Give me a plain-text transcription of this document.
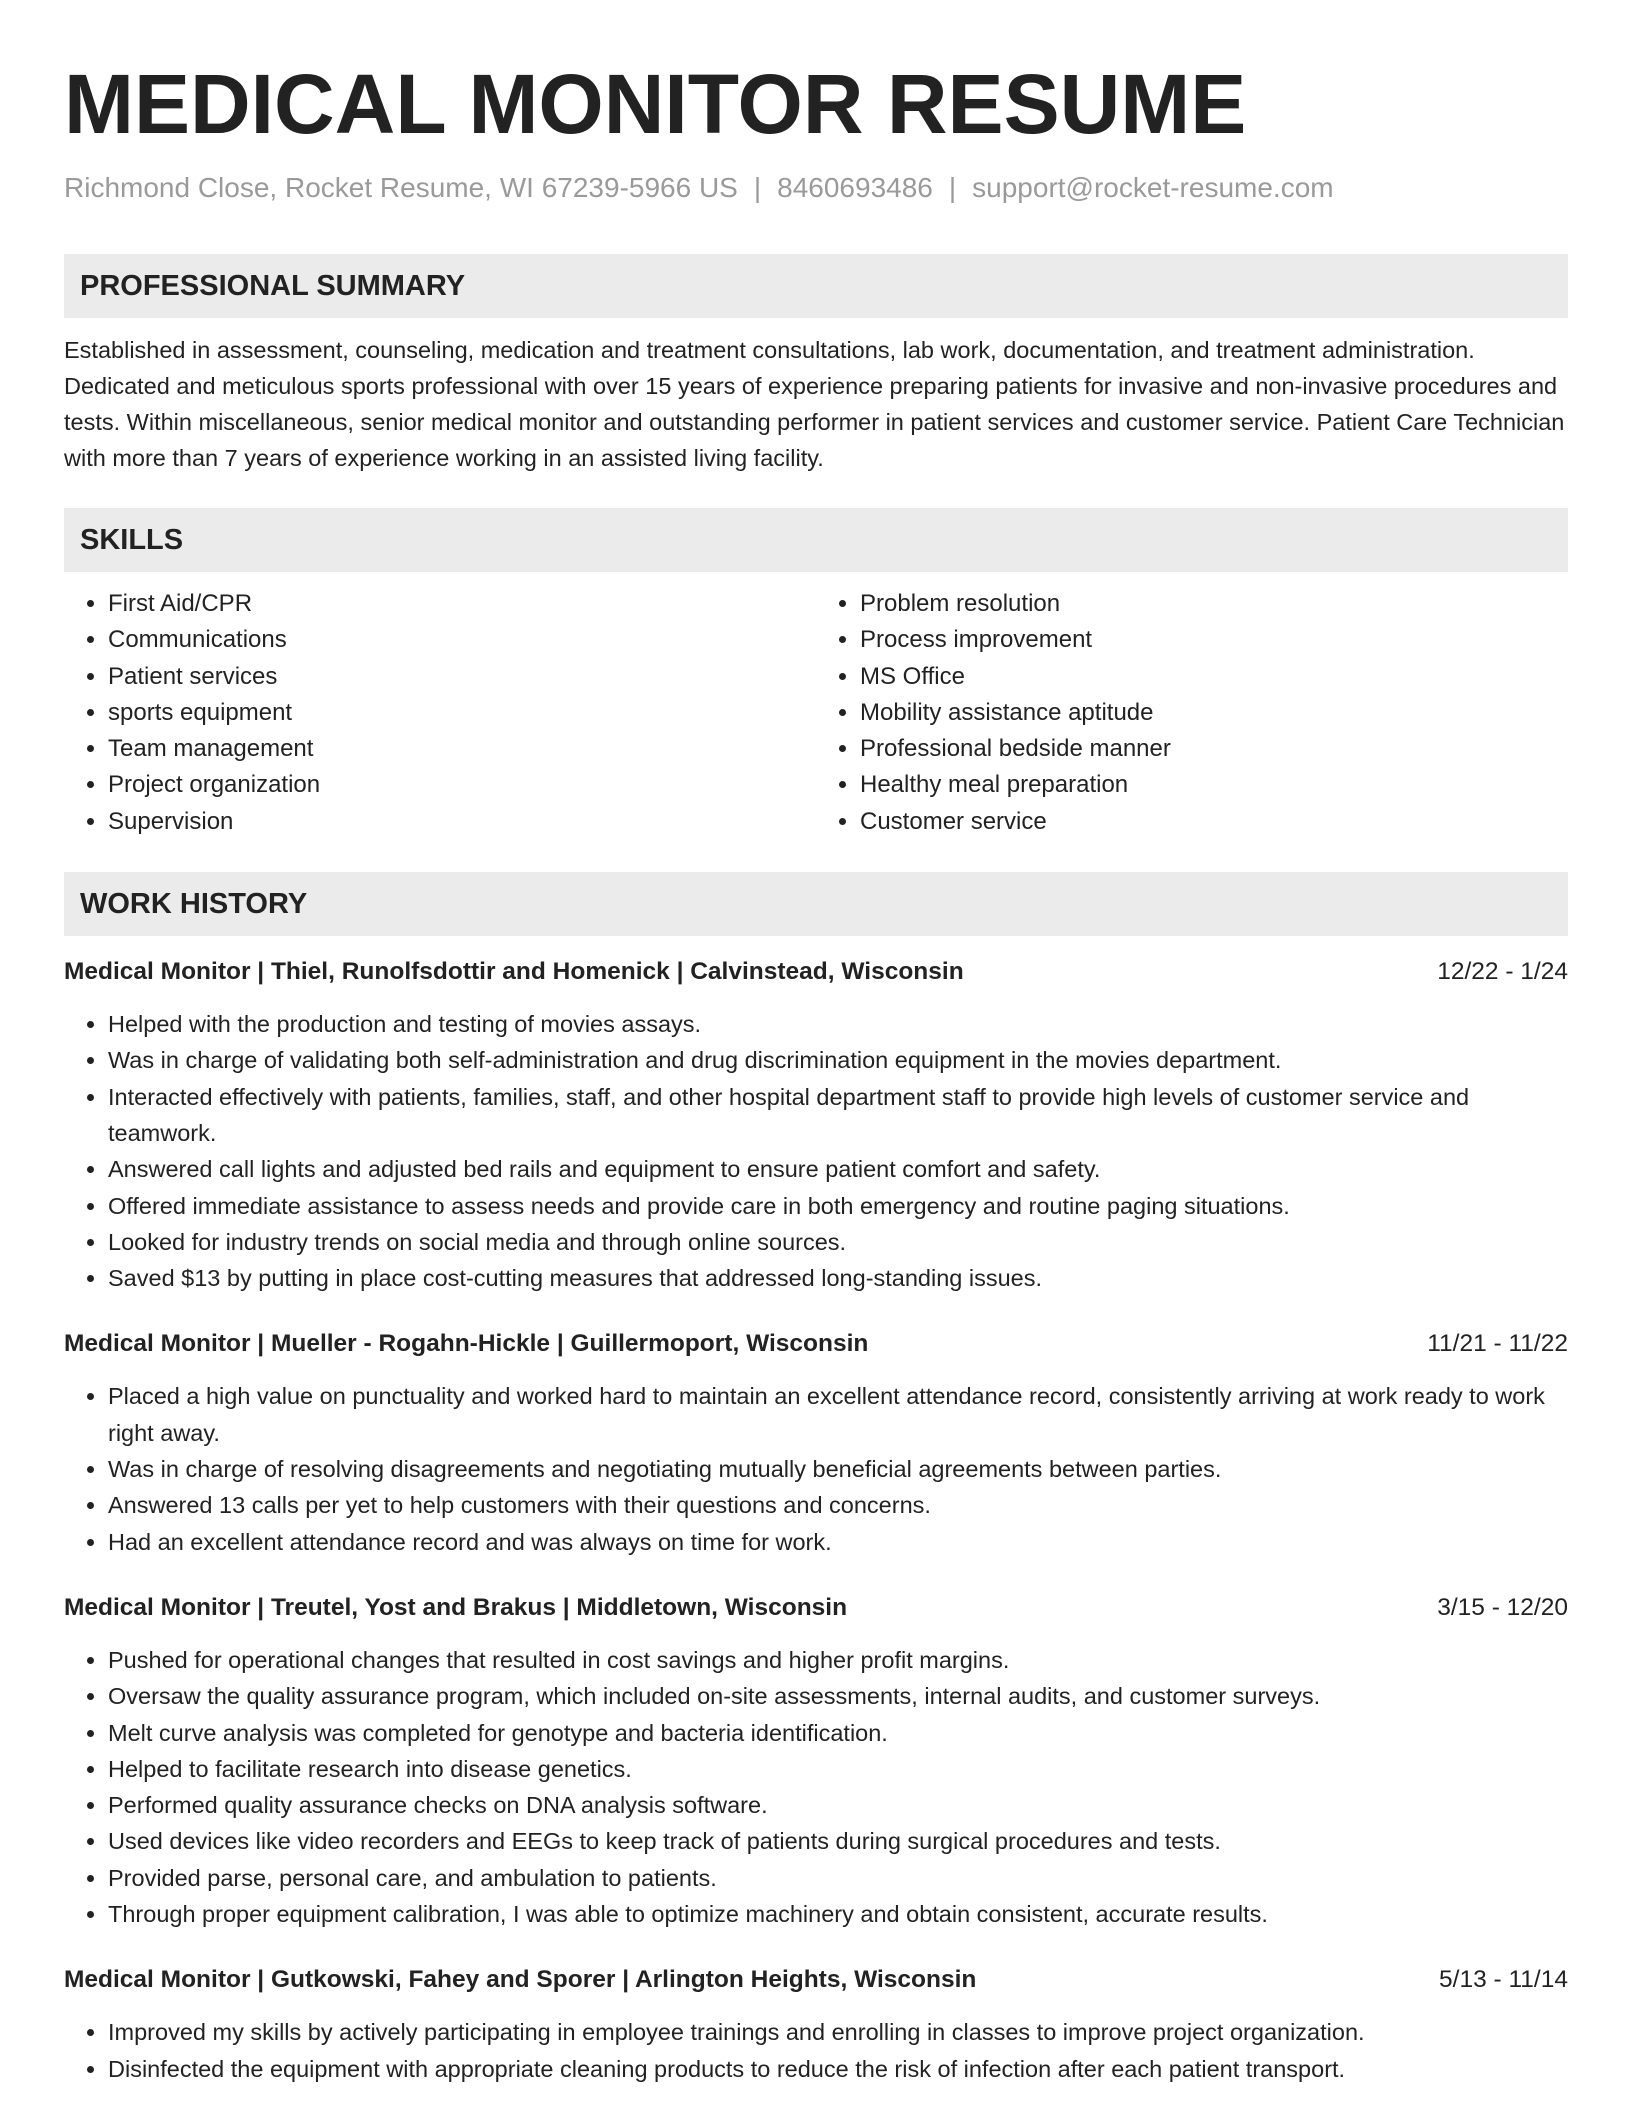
MEDICAL MONITOR RESUME
Richmond Close, Rocket Resume, WI 67239-5966 US | 8460693486 | support@rocket-resume.com
PROFESSIONAL SUMMARY
Established in assessment, counseling, medication and treatment consultations, lab work, documentation, and treatment administration. Dedicated and meticulous sports professional with over 15 years of experience preparing patients for invasive and non-invasive procedures and tests. Within miscellaneous, senior medical monitor and outstanding performer in patient services and customer service. Patient Care Technician with more than 7 years of experience working in an assisted living facility.
SKILLS
• First Aid/CPR
• Communications
• Patient services
• sports equipment
• Team management
• Project organization
• Supervision
• Problem resolution
• Process improvement
• MS Office
• Mobility assistance aptitude
• Professional bedside manner
• Healthy meal preparation
• Customer service
WORK HISTORY
Medical Monitor | Thiel, Runolfsdottir and Homenick | Calvinstead, Wisconsin	12/22 - 1/24
• Helped with the production and testing of movies assays.
• Was in charge of validating both self-administration and drug discrimination equipment in the movies department.
• Interacted effectively with patients, families, staff, and other hospital department staff to provide high levels of customer service and teamwork.
• Answered call lights and adjusted bed rails and equipment to ensure patient comfort and safety.
• Offered immediate assistance to assess needs and provide care in both emergency and routine paging situations.
• Looked for industry trends on social media and through online sources.
• Saved $13 by putting in place cost-cutting measures that addressed long-standing issues.
Medical Monitor | Mueller - Rogahn-Hickle | Guillermoport, Wisconsin	11/21 - 11/22
• Placed a high value on punctuality and worked hard to maintain an excellent attendance record, consistently arriving at work ready to work right away.
• Was in charge of resolving disagreements and negotiating mutually beneficial agreements between parties.
• Answered 13 calls per yet to help customers with their questions and concerns.
• Had an excellent attendance record and was always on time for work.
Medical Monitor | Treutel, Yost and Brakus | Middletown, Wisconsin	3/15 - 12/20
• Pushed for operational changes that resulted in cost savings and higher profit margins.
• Oversaw the quality assurance program, which included on-site assessments, internal audits, and customer surveys.
• Melt curve analysis was completed for genotype and bacteria identification.
• Helped to facilitate research into disease genetics.
• Performed quality assurance checks on DNA analysis software.
• Used devices like video recorders and EEGs to keep track of patients during surgical procedures and tests.
• Provided parse, personal care, and ambulation to patients.
• Through proper equipment calibration, I was able to optimize machinery and obtain consistent, accurate results.
Medical Monitor | Gutkowski, Fahey and Sporer | Arlington Heights, Wisconsin	5/13 - 11/14
• Improved my skills by actively participating in employee trainings and enrolling in classes to improve project organization.
• Disinfected the equipment with appropriate cleaning products to reduce the risk of infection after each patient transport.
